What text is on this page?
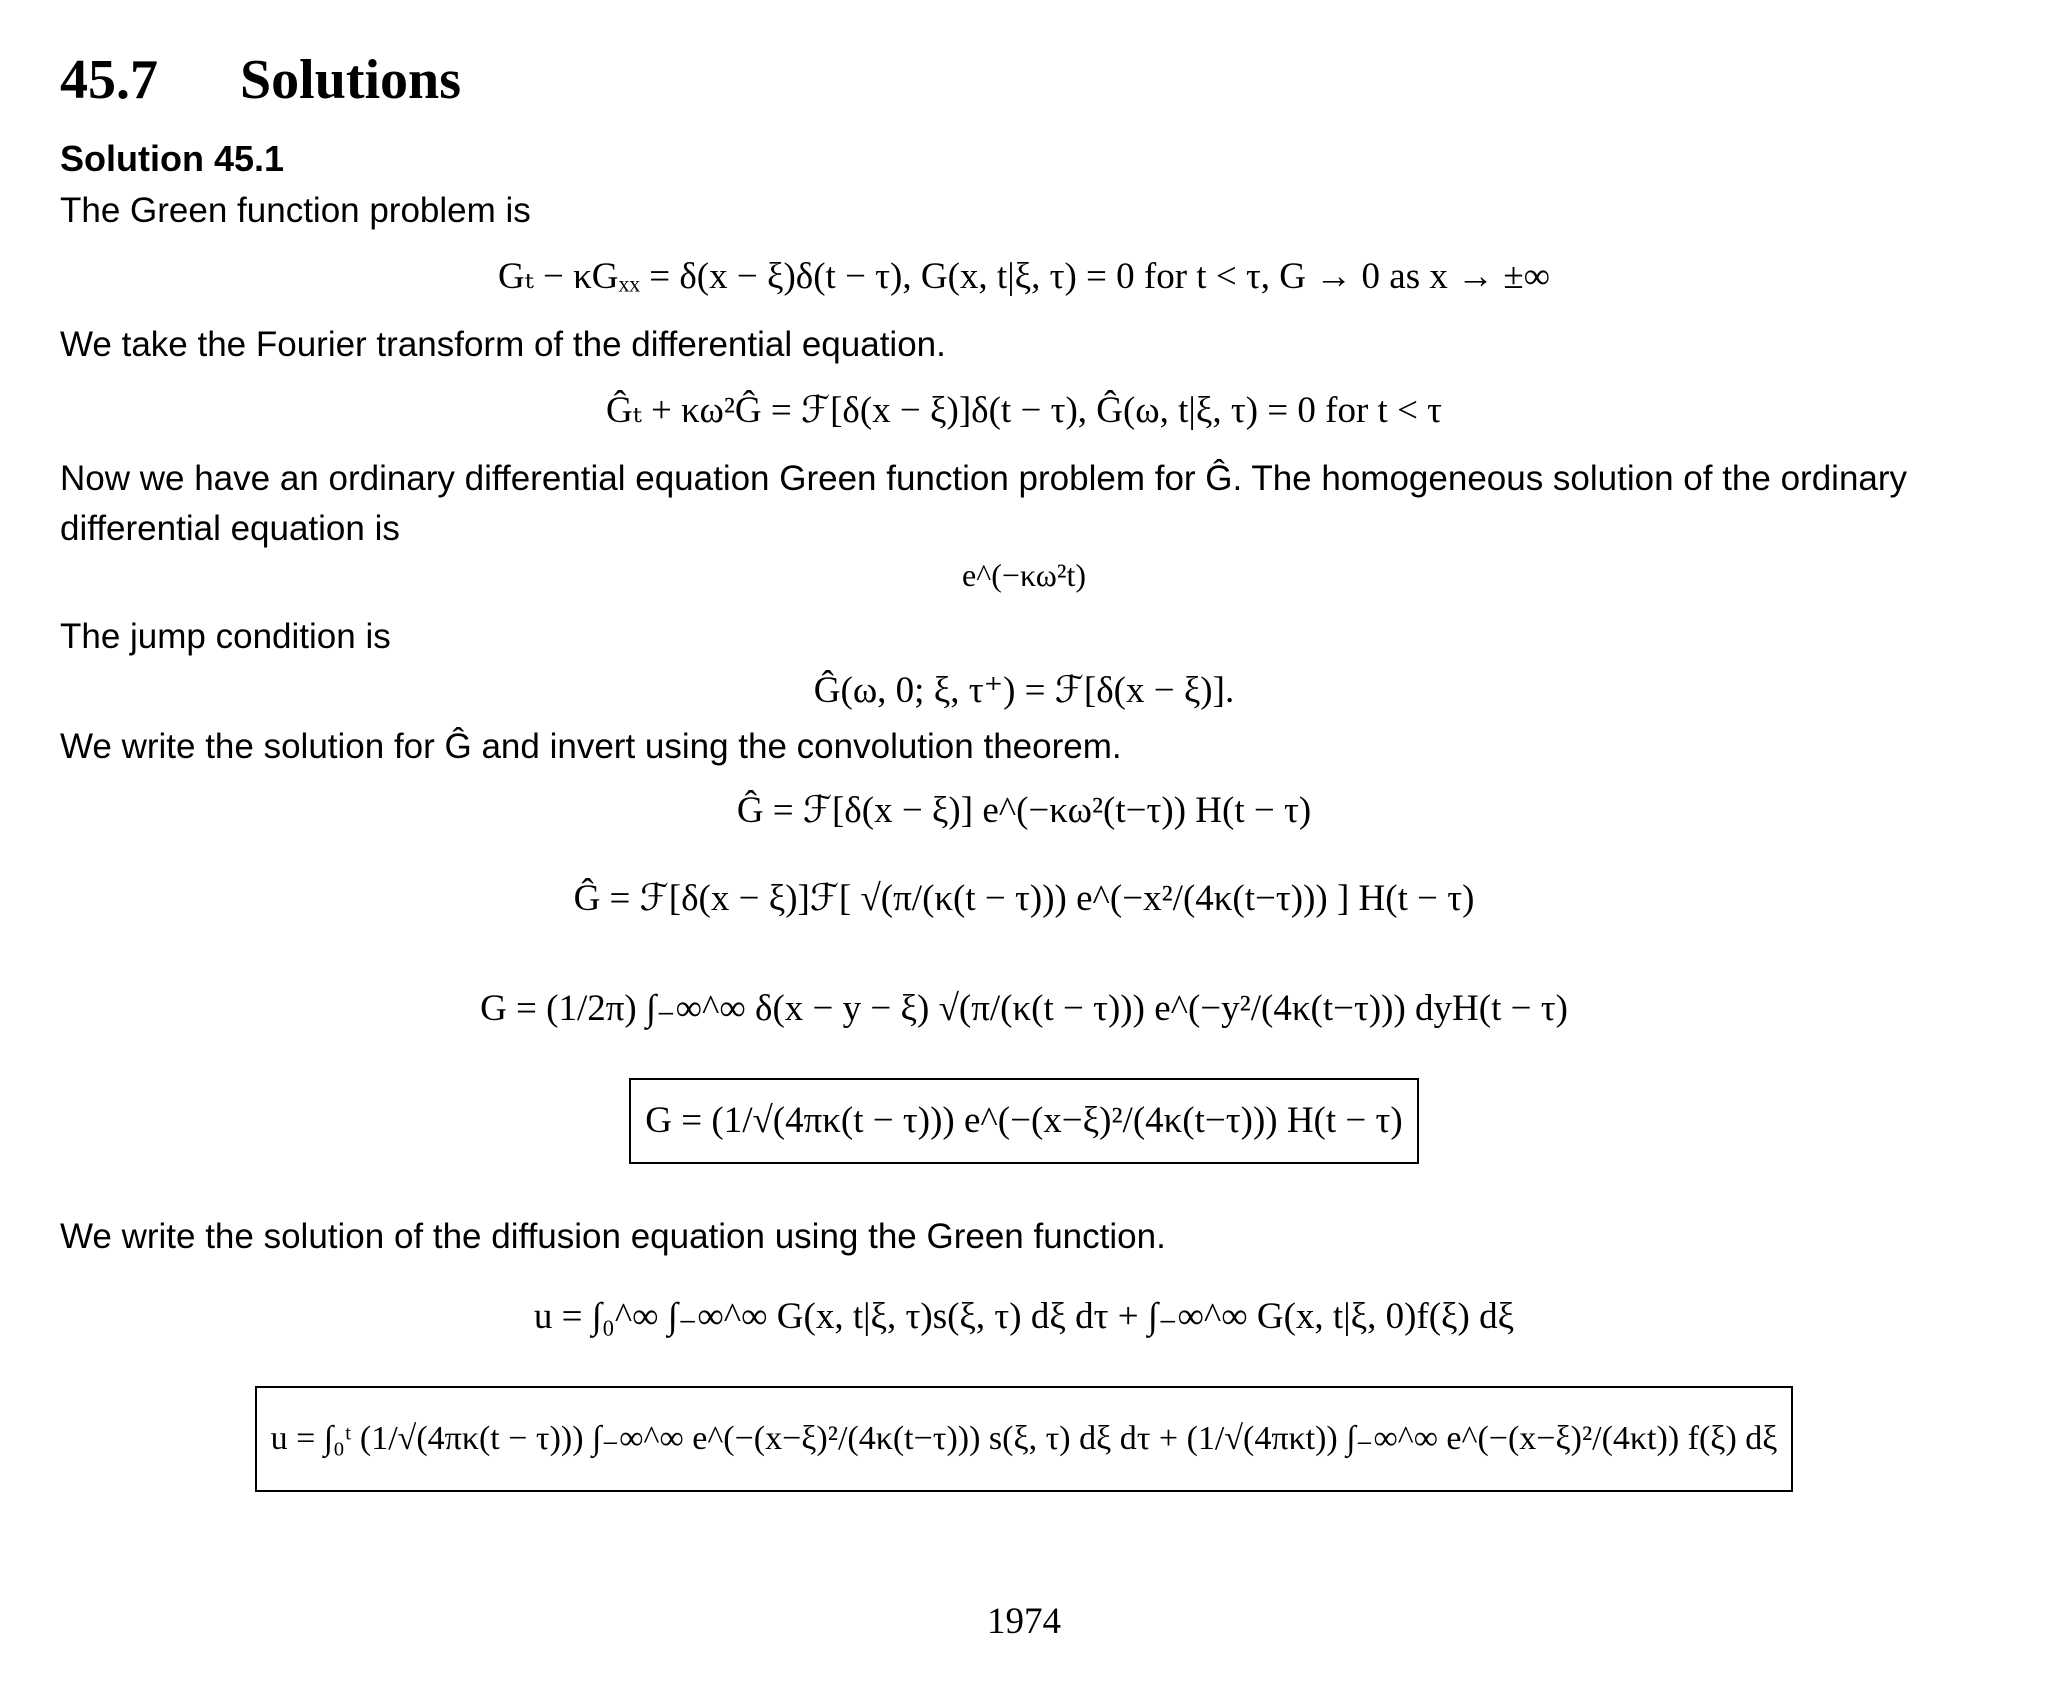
45.7 Solutions
Solution 45.1

The Green function problem is

Gₜ − κGₓₓ = δ(x − ξ)δ(t − τ), G(x, t|ξ, τ) = 0 for t < τ, G → 0 as x → ±∞

We take the Fourier transform of the differential equation.

Ĝₜ + κω²Ĝ = ℱ[δ(x − ξ)]δ(t − τ), Ĝ(ω, t|ξ, τ) = 0 for t < τ

Now we have an ordinary differential equation Green function problem for Ĝ. The homogeneous solution of the ordinary

differential equation is

e^(−κω²t)

The jump condition is

Ĝ(ω, 0; ξ, τ⁺) = ℱ[δ(x − ξ)].

We write the solution for Ĝ and invert using the convolution theorem.

Ĝ = ℱ[δ(x − ξ)] e^(−κω²(t−τ)) H(t − τ)
Ĝ = ℱ[δ(x − ξ)]ℱ[ √(π/(κ(t − τ))) e^(−x²/(4κ(t−τ))) ] H(t − τ)
G = (1/2π) ∫₋∞^∞ δ(x − y − ξ) √(π/(κ(t − τ))) e^(−y²/(4κ(t−τ))) dyH(t − τ)
G = (1/√(4πκ(t − τ))) e^(−(x−ξ)²/(4κ(t−τ))) H(t − τ)

We write the solution of the diffusion equation using the Green function.

u = ∫₀^∞ ∫₋∞^∞ G(x, t|ξ, τ)s(ξ, τ) dξ dτ + ∫₋∞^∞ G(x, t|ξ, 0)f(ξ) dξ
u = ∫₀ᵗ (1/√(4πκ(t − τ))) ∫₋∞^∞ e^(−(x−ξ)²/(4κ(t−τ))) s(ξ, τ) dξ dτ + (1/√(4πκt)) ∫₋∞^∞ e^(−(x−ξ)²/(4κt)) f(ξ) dξ
1974
